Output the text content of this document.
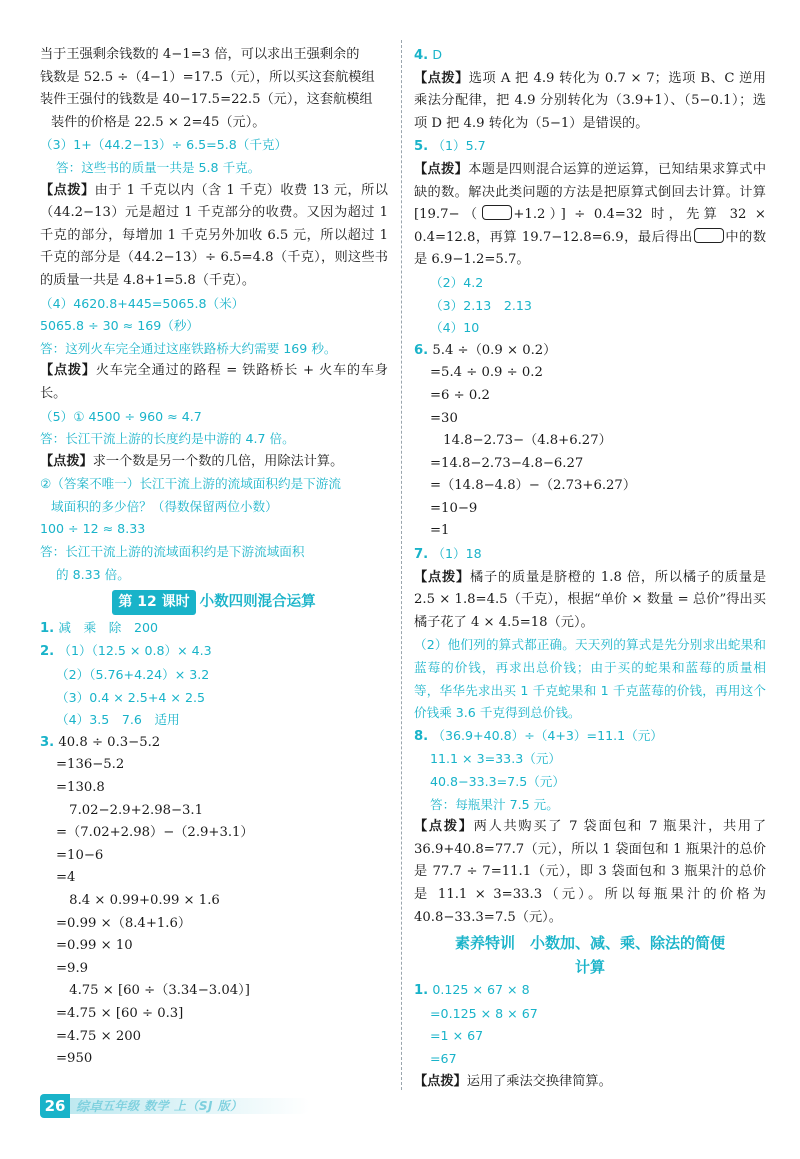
当于王强剩余钱数的 4−1=3 倍，可以求出王强剩余的
钱数是 52.5 ÷（4−1）=17.5（元），所以买这套航模组
装件王强付的钱数是 40−17.5=22.5（元），这套航模组
装件的价格是 22.5 × 2=45（元）。
（3）1+（44.2−13）÷ 6.5=5.8（千克）
答：这些书的质量一共是 5.8 千克。
【点拨】由于 1 千克以内（含 1 千克）收费 13 元，所以（44.2−13）元是超过 1 千克部分的收费。又因为超过 1 千克的部分，每增加 1 千克另外加收 6.5 元，所以超过 1 千克的部分是（44.2−13）÷ 6.5=4.8（千克），则这些书的质量一共是 4.8+1=5.8（千克）。
（4）4620.8+445=5065.8（米）
5065.8 ÷ 30 ≈ 169（秒）
答：这列火车完全通过这座铁路桥大约需要 169 秒。
【点拨】火车完全通过的路程 = 铁路桥长 + 火车的车身长。
（5）① 4500 ÷ 960 ≈ 4.7
答：长江干流上游的长度约是中游的 4.7 倍。
【点拨】求一个数是另一个数的几倍，用除法计算。
②（答案不唯一）长江干流上游的流域面积约是下游流
域面积的多少倍？（得数保留两位小数）
100 ÷ 12 ≈ 8.33
答：长江干流上游的流域面积约是下游流域面积
的 8.33 倍。
第 12 课时 小数四则混合运算
1. 减　乘　除　200
2. （1）（12.5 × 0.8）× 4.3
（2）（5.76+4.24）× 3.2
（3）0.4 × 2.5+4 × 2.5
（4）3.5　7.6　适用
3. 40.8 ÷ 0.3−5.2
=136−5.2
=130.8
　7.02−2.9+2.98−3.1
=（7.02+2.98）−（2.9+3.1）
=10−6
=4
　8.4 × 0.99+0.99 × 1.6
=0.99 ×（8.4+1.6）
=0.99 × 10
=9.9
　4.75 × [60 ÷（3.34−3.04）]
=4.75 × [60 ÷ 0.3]
=4.75 × 200
=950
4. D
【点拨】选项 A 把 4.9 转化为 0.7 × 7；选项 B、C 逆用乘法分配律，把 4.9 分别转化为（3.9+1）、（5−0.1）；选项 D 把 4.9 转化为（5−1）是错误的。
5. （1）5.7
【点拨】本题是四则混合运算的逆运算，已知结果求算式中缺的数。解决此类问题的方法是把原算式倒回去计算。计算 [19.7−（ +1.2）] ÷ 0.4=32 时，先算 32 × 0.4=12.8，再算 19.7−12.8=6.9，最后得出 中的数是 6.9−1.2=5.7。
（2）4.2
（3）2.13　2.13
（4）10
6. 5.4 ÷（0.9 × 0.2）
=5.4 ÷ 0.9 ÷ 0.2
=6 ÷ 0.2
=30
　14.8−2.73−（4.8+6.27）
=14.8−2.73−4.8−6.27
=（14.8−4.8）−（2.73+6.27）
=10−9
=1
7. （1）18
【点拨】橘子的质量是脐橙的 1.8 倍，所以橘子的质量是 2.5 × 1.8=4.5（千克），根据“单价 × 数量 = 总价”得出买橘子花了 4 × 4.5=18（元）。
（2）他们列的算式都正确。天天列的算式是先分别求出蛇果和蓝莓的价钱，再求出总价钱；由于买的蛇果和蓝莓的质量相等，华华先求出买 1 千克蛇果和 1 千克蓝莓的价钱，再用这个价钱乘 3.6 千克得到总价钱。
8. （36.9+40.8）÷（4+3）=11.1（元）
11.1 × 3=33.3（元）
40.8−33.3=7.5（元）
答：每瓶果汁 7.5 元。
【点拨】两人共购买了 7 袋面包和 7 瓶果汁，共用了 36.9+40.8=77.7（元），所以 1 袋面包和 1 瓶果汁的总价是 77.7 ÷ 7=11.1（元），即 3 袋面包和 3 瓶果汁的总价是 11.1 × 3=33.3（元）。所以每瓶果汁的价格为 40.8−33.3=7.5（元）。
素养特训　小数加、减、乘、除法的简便
计算
1. 0.125 × 67 × 8
=0.125 × 8 × 67
=1 × 67
=67
【点拨】运用了乘法交换律简算。
26 综卓 五年级 数学 上（SJ 版）
